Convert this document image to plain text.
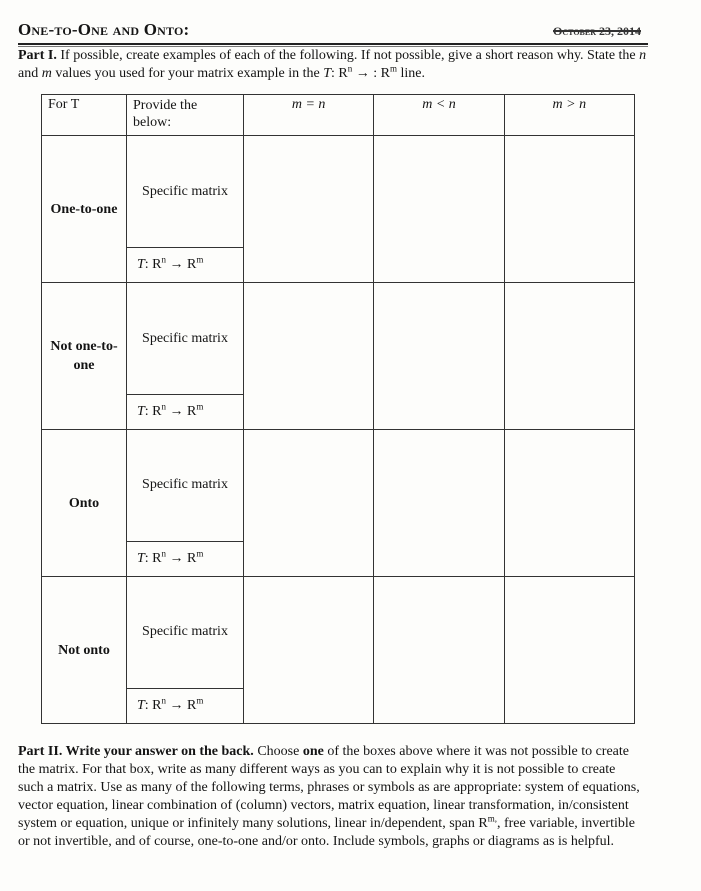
One-to-One and Onto:	October 23, 2014
Part I. If possible, create examples of each of the following. If not possible, give a short reason why. State the n and m values you used for your matrix example in the T: $R^n$ → : $R^m$ line.
For T	Provide the below:	m = n	m < n	m > n
One-to-one	Specific matrix			
	T: $R^n \to R^m$
Not one-to-one	Specific matrix			
	T: $R^n \to R^m$
Onto	Specific matrix			
	T: $R^n \to R^m$
Not onto	Specific matrix			
	T: $R^n \to R^m$
Part II. Write your answer on the back. Choose one of the boxes above where it was not possible to create the matrix. For that box, write as many different ways as you can to explain why it is not possible to create such a matrix. Use as many of the following terms, phrases or symbols as are appropriate: system of equations, vector equation, linear combination of (column) vectors, matrix equation, linear transformation, in/consistent system or equation, unique or infinitely many solutions, linear in/dependent, span $R^{m,}$, free variable, invertible or not invertible, and of course, one-to-one and/or onto. Include symbols, graphs or diagrams as is helpful.
